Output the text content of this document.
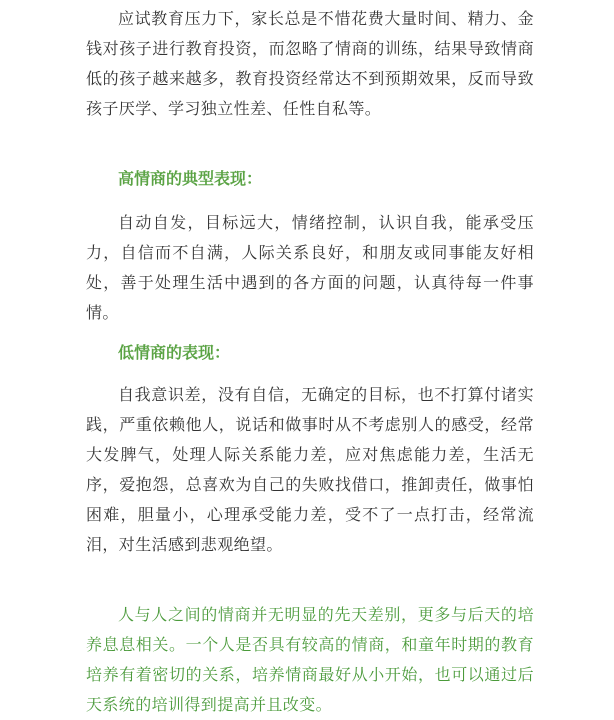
应试教育压力下，家长总是不惜花费大量时间、精力、金钱对孩子进行教育投资，而忽略了情商的训练，结果导致情商低的孩子越来越多，教育投资经常达不到预期效果，反而导致孩子厌学、学习独立性差、任性自私等。

高情商的典型表现：

自动自发，目标远大，情绪控制，认识自我，能承受压力，自信而不自满，人际关系良好，和朋友或同事能友好相处，善于处理生活中遇到的各方面的问题，认真待每一件事情。

低情商的表现：

自我意识差，没有自信，无确定的目标，也不打算付诸实践，严重依赖他人，说话和做事时从不考虑别人的感受，经常大发脾气，处理人际关系能力差，应对焦虑能力差，生活无序，爱抱怨，总喜欢为自己的失败找借口，推卸责任，做事怕困难，胆量小，心理承受能力差，受不了一点打击，经常流泪，对生活感到悲观绝望。

人与人之间的情商并无明显的先天差别，更多与后天的培养息息相关。一个人是否具有较高的情商，和童年时期的教育培养有着密切的关系，培养情商最好从小开始，也可以通过后天系统的培训得到提高并且改变。
